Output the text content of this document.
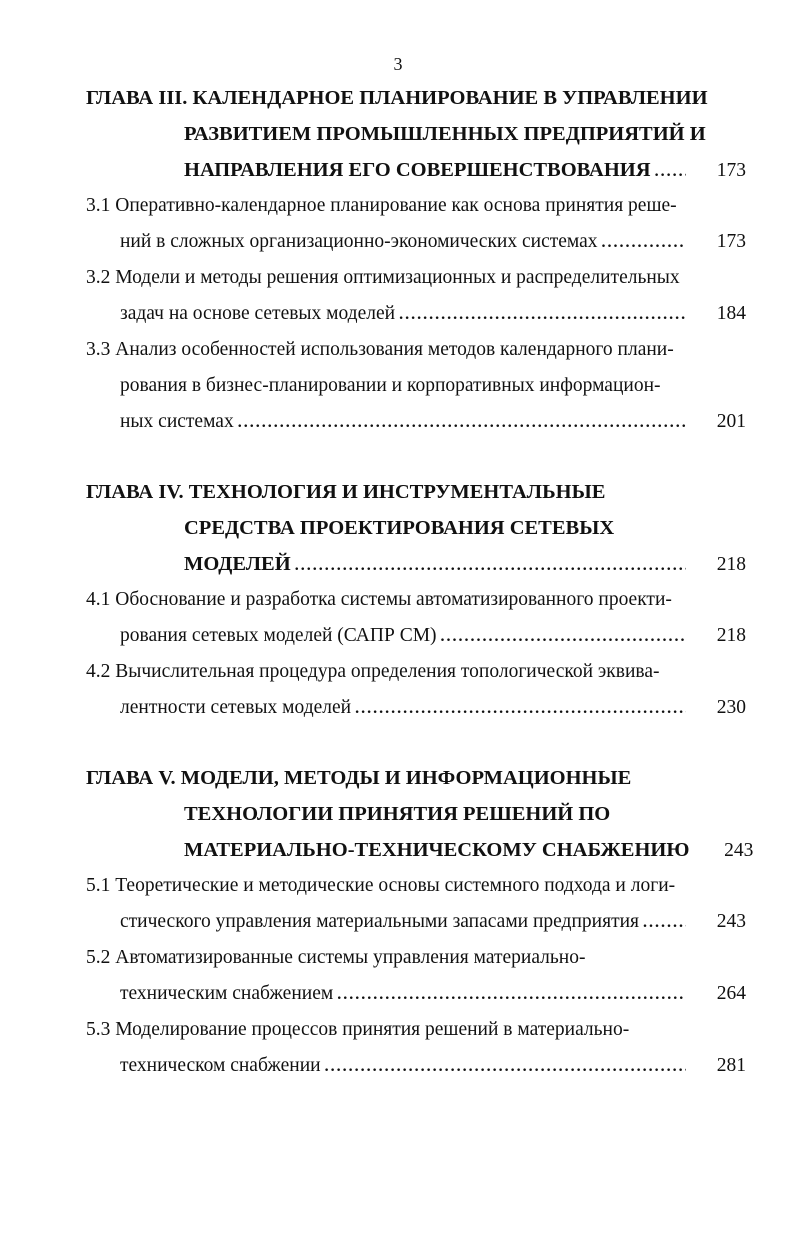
3
ГЛАВА III. КАЛЕНДАРНОЕ ПЛАНИРОВАНИЕ В УПРАВЛЕНИИ
РАЗВИТИЕМ ПРОМЫШЛЕННЫХ ПРЕДПРИЯТИЙ И
НАПРАВЛЕНИЯ ЕГО СОВЕРШЕНСТВОВАНИЯ . . .	173
3.1 Оперативно-календарное планирование как основа принятия реше-
ний в сложных организационно-экономических системах . . .	173
3.2 Модели и методы решения оптимизационных и распределительных
задач на основе сетевых моделей . . .	184
3.3 Анализ особенностей использования методов календарного плани-
рования в бизнес-планировании и корпоративных информацион-
ных системах . . .	201
ГЛАВА IV. ТЕХНОЛОГИЯ И ИНСТРУМЕНТАЛЬНЫЕ
СРЕДСТВА ПРОЕКТИРОВАНИЯ СЕТЕВЫХ
МОДЕЛЕЙ . . .	218
4.1 Обоснование и разработка системы автоматизированного проекти-
рования сетевых моделей (САПР СМ) . . .	218
4.2 Вычислительная процедура определения топологической эквива-
лентности сетевых моделей . . .	230
ГЛАВА V. МОДЕЛИ, МЕТОДЫ И ИНФОРМАЦИОННЫЕ
ТЕХНОЛОГИИ ПРИНЯТИЯ РЕШЕНИЙ ПО
МАТЕРИАЛЬНО-ТЕХНИЧЕСКОМУ СНАБЖЕНИЮ	243
5.1 Теоретические и методические основы системного подхода и логи-
стического управления материальными запасами предприятия . . .	243
5.2 Автоматизированные системы управления материально-
техническим снабжением . . .	264
5.3 Моделирование процессов принятия решений в материально-
техническом снабжении . . .	281
